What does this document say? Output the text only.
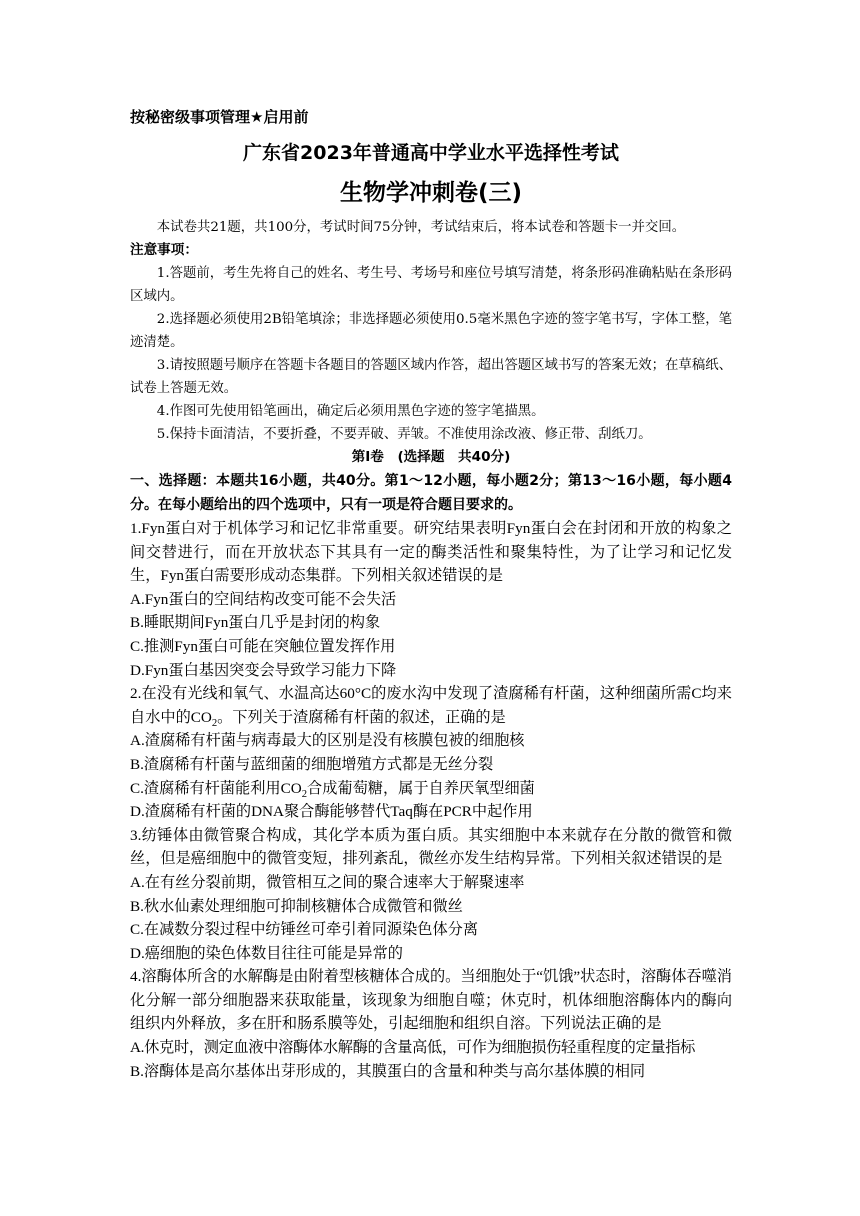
按秘密级事项管理★启用前
广东省2023年普通高中学业水平选择性考试
生物学冲刺卷(三)

本试卷共21题，共100分，考试时间75分钟，考试结束后，将本试卷和答题卡一并交回。

注意事项：

1.答题前，考生先将自己的姓名、考生号、考场号和座位号填写清楚，将条形码准确粘贴在条形码区域内。

2.选择题必须使用2B铅笔填涂；非选择题必须使用0.5毫米黑色字迹的签字笔书写，字体工整，笔迹清楚。

3.请按照题号顺序在答题卡各题目的答题区域内作答，超出答题区域书写的答案无效；在草稿纸、试卷上答题无效。

4.作图可先使用铅笔画出，确定后必须用黑色字迹的签字笔描黑。

5.保持卡面清洁，不要折叠，不要弄破、弄皱。不准使用涂改液、修正带、刮纸刀。

第Ⅰ卷　(选择题　共40分)
一、选择题：本题共16小题，共40分。第1～12小题，每小题2分；第13～16小题，每小题4分。在每小题给出的四个选项中，只有一项是符合题目要求的。

1.Fyn蛋白对于机体学习和记忆非常重要。研究结果表明Fyn蛋白会在封闭和开放的构象之间交替进行，而在开放状态下其具有一定的酶类活性和聚集特性，为了让学习和记忆发生，Fyn蛋白需要形成动态集群。下列相关叙述错误的是

A.Fyn蛋白的空间结构改变可能不会失活

B.睡眠期间Fyn蛋白几乎是封闭的构象

C.推测Fyn蛋白可能在突触位置发挥作用

D.Fyn蛋白基因突变会导致学习能力下降

2.在没有光线和氧气、水温高达60°C的废水沟中发现了渣腐稀有杆菌，这种细菌所需C均来自水中的$CO_2$。下列关于渣腐稀有杆菌的叙述，正确的是

A.渣腐稀有杆菌与病毒最大的区别是没有核膜包被的细胞核

B.渣腐稀有杆菌与蓝细菌的细胞增殖方式都是无丝分裂

C.渣腐稀有杆菌能利用$CO_2$合成葡萄糖，属于自养厌氧型细菌

D.渣腐稀有杆菌的DNA聚合酶能够替代Taq酶在PCR中起作用

3.纺锤体由微管聚合构成，其化学本质为蛋白质。其实细胞中本来就存在分散的微管和微丝，但是癌细胞中的微管变短，排列紊乱，微丝亦发生结构异常。下列相关叙述错误的是

A.在有丝分裂前期，微管相互之间的聚合速率大于解聚速率

B.秋水仙素处理细胞可抑制核糖体合成微管和微丝

C.在减数分裂过程中纺锤丝可牵引着同源染色体分离

D.癌细胞的染色体数目往往可能是异常的

4.溶酶体所含的水解酶是由附着型核糖体合成的。当细胞处于“饥饿”状态时，溶酶体吞噬消化分解一部分细胞器来获取能量，该现象为细胞自噬；休克时，机体细胞溶酶体内的酶向组织内外释放，多在肝和肠系膜等处，引起细胞和组织自溶。下列说法正确的是

A.休克时，测定血液中溶酶体水解酶的含量高低，可作为细胞损伤轻重程度的定量指标

B.溶酶体是高尔基体出芽形成的，其膜蛋白的含量和种类与高尔基体膜的相同
